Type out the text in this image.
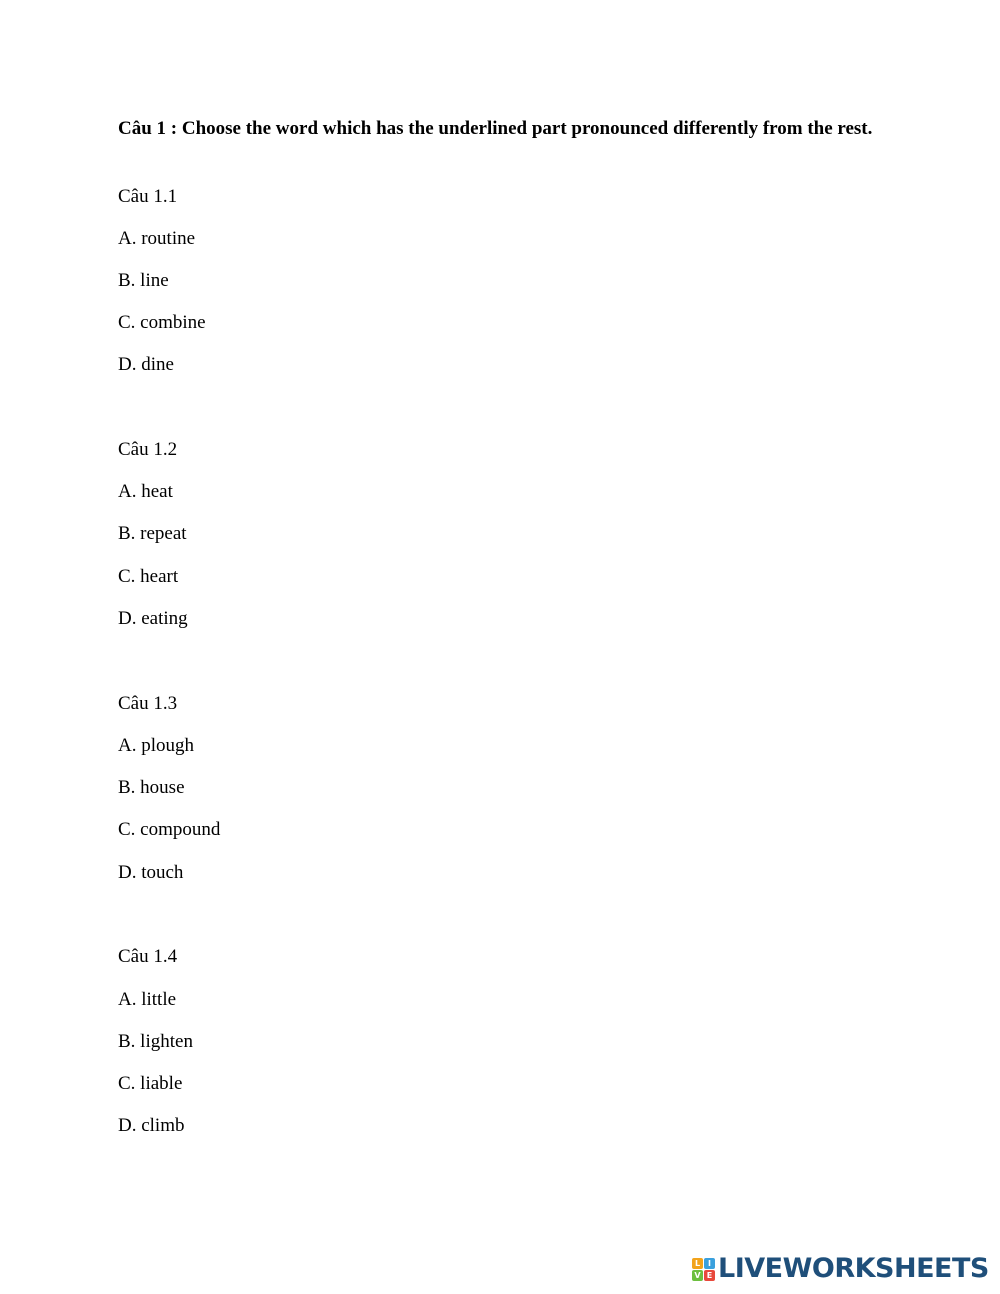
Câu 1 : Choose the word which has the underlined part pronounced differently from the rest.
Câu 1.1
A. routine
B. line
C. combine
D. dine
Câu 1.2
A. heat
B. repeat
C. heart
D. eating
Câu 1.3
A. plough
B. house
C. compound
D. touch
Câu 1.4
A. little
B. lighten
C. liable
D. climb
L I
V E LIVEWORKSHEETS
